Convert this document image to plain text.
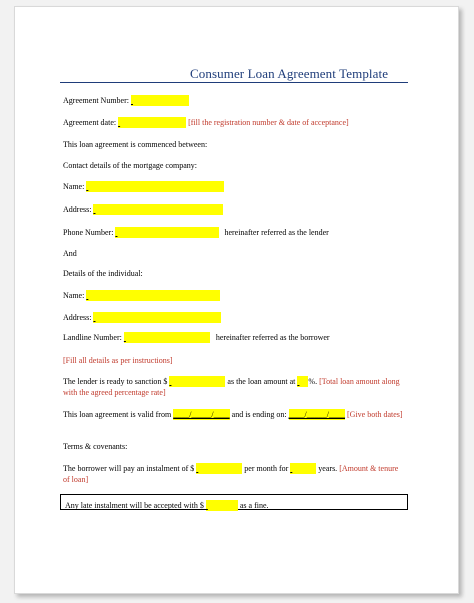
Consumer Loan Agreement Template
Agreement Number:
Agreement date:	[fill the registration number & date of acceptance]
This loan agreement is commenced between:
Contact details of the mortgage company:
Name:
Address:
Phone Number:	hereinafter referred as the lender
And
Details of the individual:
Name:
Address:
Landline Number:	hereinafter referred as the borrower
[Fill all details as per instructions]
The lender is ready to sanction $	as the loan amount at %. [Total loan amount along with the agreed percentage rate]
This loan agreement is valid from ____/_____/____ and is ending on: ____/_____/____ [Give both dates]
Terms & covenants:
The borrower will pay an instalment of $	per month for	years. [Amount & tenure of loan]
Any late instalment will be accepted with $	as a fine.
